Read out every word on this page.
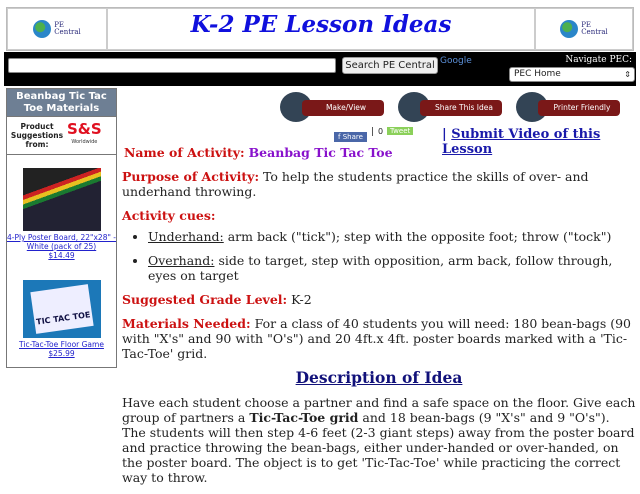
PE
Central	K-2 PE Lesson Ideas	PE
Central
Search PE Central Google	Navigate PEC:
PEC Home	⇕
Beanbag Tic Tac Toe Materials
Product Suggestions from:
S&S
Worldwide
4-Ply Poster Board, 22"x28" - White (pack of 25)
$14.49
TIC TAC TOE
Tic-Tac-Toe Floor Game
$25.99
Make/View Comments
Share This Idea	Printer Friendly
f Share | 0	Tweet | Submit Video of this Lesson

Name of Activity: Beanbag Tic Tac Toe

Purpose of Activity: To help the students practice the skills of over- and underhand throwing.

Activity cues:
• Underhand: arm back ("tick"); step with the opposite foot; throw ("tock")
• Overhand: side to target, step with opposition, arm back, follow through, eyes on target

Suggested Grade Level: K-2

Materials Needed: For a class of 40 students you will need: 180 bean-bags (90 with "X's" and 90 with "O's") and 20 4ft.x 4ft. poster boards marked with a 'Tic-Tac-Toe' grid.

Description of Idea

Have each student choose a partner and find a safe space on the floor. Give each group of partners a Tic-Tac-Toe grid and 18 bean-bags (9 "X's" and 9 "O's"). The students will then step 4-6 feet (2-3 giant steps) away from the poster board and practice throwing the bean-bags, either under-handed or over-handed, on the poster board. The object is to get 'Tic-Tac-Toe' while practicing the correct way to throw.
